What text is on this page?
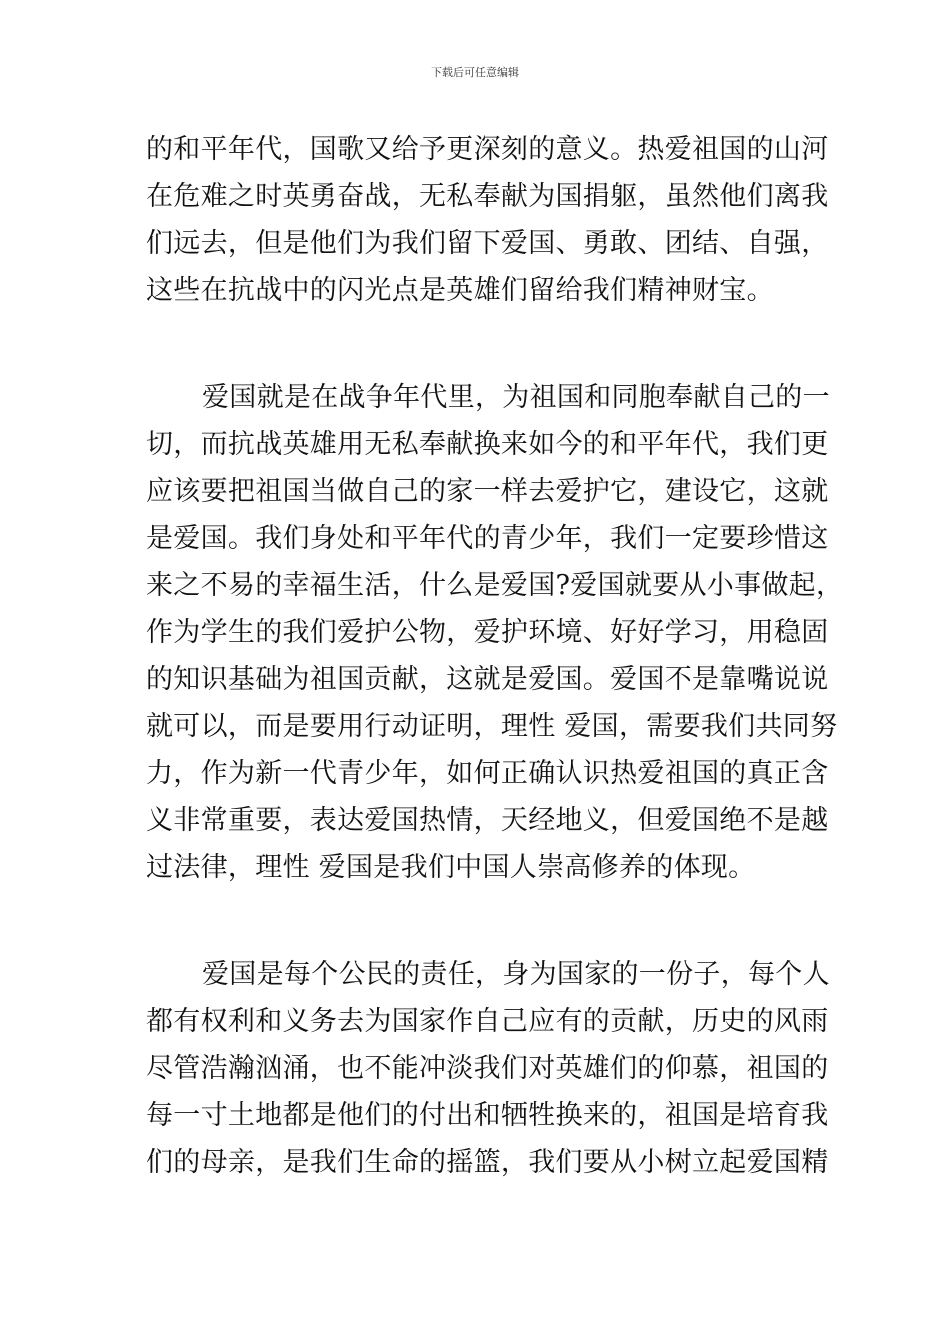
下载后可任意编辑
的和平年代，国歌又给予更深刻的意义。热爱祖国的山河
在危难之时英勇奋战，无私奉献为国捐躯，虽然他们离我
们远去，但是他们为我们留下爱国、勇敢、团结、自强，
这些在抗战中的闪光点是英雄们留给我们精神财宝。
爱国就是在战争年代里，为祖国和同胞奉献自己的一
切，而抗战英雄用无私奉献换来如今的和平年代，我们更
应该要把祖国当做自己的家一样去爱护它，建设它，这就
是爱国。我们身处和平年代的青少年，我们一定要珍惜这
来之不易的幸福生活，什么是爱国?爱国就要从小事做起，
作为学生的我们爱护公物，爱护环境、好好学习，用稳固
的知识基础为祖国贡献，这就是爱国。爱国不是靠嘴说说
就可以，而是要用行动证明，理性 爱国，需要我们共同努
力，作为新一代青少年，如何正确认识热爱祖国的真正含
义非常重要，表达爱国热情，天经地义，但爱国绝不是越
过法律，理性 爱国是我们中国人崇高修养的体现。
爱国是每个公民的责任，身为国家的一份子，每个人
都有权利和义务去为国家作自己应有的贡献，历史的风雨
尽管浩瀚汹涌，也不能冲淡我们对英雄们的仰慕，祖国的
每一寸土地都是他们的付出和牺牲换来的，祖国是培育我
们的母亲，是我们生命的摇篮，我们要从小树立起爱国精
